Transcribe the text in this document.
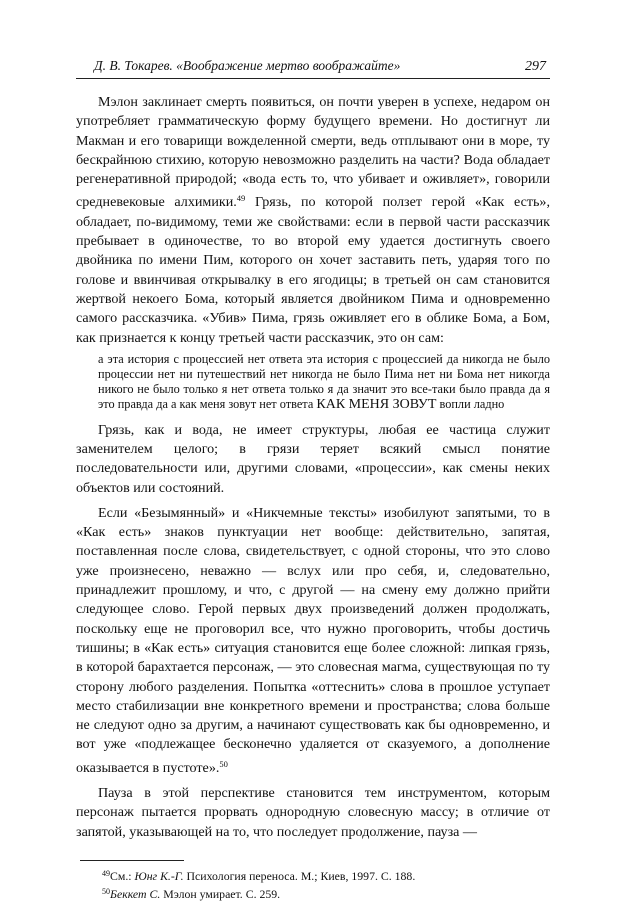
Д. В. Токарев. «Воображение мертво воображайте»	297

Мэлон заклинает смерть появиться, он почти уверен в успехе, недаром он употребляет грамматическую форму будущего времени. Но достигнут ли Макман и его товарищи вожделенной смерти, ведь отплывают они в море, ту бескрайнюю стихию, которую невозможно разделить на части? Вода обладает регенеративной природой; «вода есть то, что убивает и оживляет», говорили средневековые алхимики.$^{49}$ Грязь, по которой ползет герой «Как есть», обладает, по-видимому, теми же свойствами: если в первой части рассказчик пребывает в одиночестве, то во второй ему удается достигнуть своего двойника по имени Пим, которого он хочет заставить петь, ударяя того по голове и ввинчивая открывалку в его ягодицы; в третьей он сам становится жертвой некоего Бома, который является двойником Пима и одновременно самого рассказчика. «Убив» Пима, грязь оживляет его в облике Бома, а Бом, как признается к концу третьей части рассказчик, это он сам:

а эта история с процессией нет ответа эта история с процессией да никогда не было процессии нет ни путешествий нет никогда не было Пима нет ни Бома нет никогда никого не было только я нет ответа только я да значит это все-таки было правда да я это правда да а как меня зовут нет ответа КАК МЕНЯ ЗОВУТ вопли ладно

Грязь, как и вода, не имеет структуры, любая ее частица служит заменителем целого; в грязи теряет всякий смысл понятие последовательности или, другими словами, «процессии», как смены неких объектов или состояний.

Если «Безымянный» и «Никчемные тексты» изобилуют запятыми, то в «Как есть» знаков пунктуации нет вообще: действительно, запятая, поставленная после слова, свидетельствует, с одной стороны, что это слово уже произнесено, неважно — вслух или про себя, и, следовательно, принадлежит прошлому, и что, с другой — на смену ему должно прийти следующее слово. Герой первых двух произведений должен продолжать, поскольку еще не проговорил все, что нужно проговорить, чтобы достичь тишины; в «Как есть» ситуация становится еще более сложной: липкая грязь, в которой барахтается персонаж, — это словесная магма, существующая по ту сторону любого разделения. Попытка «оттеснить» слова в прошлое уступает место стабилизации вне конкретного времени и пространства; слова больше не следуют одно за другим, а начинают существовать как бы одновременно, и вот уже «подлежащее бесконечно удаляется от сказуемого, а дополнение оказывается в пустоте».$^{50}$

Пауза в этой перспективе становится тем инструментом, которым персонаж пытается прорвать однородную словесную массу; в отличие от запятой, указывающей на то, что последует продолжение, пауза —

$^{49}$См.: Юнг К.-Г. Психология переноса. М.; Киев, 1997. С. 188.
$^{50}$Беккет С. Мэлон умирает. С. 259.
